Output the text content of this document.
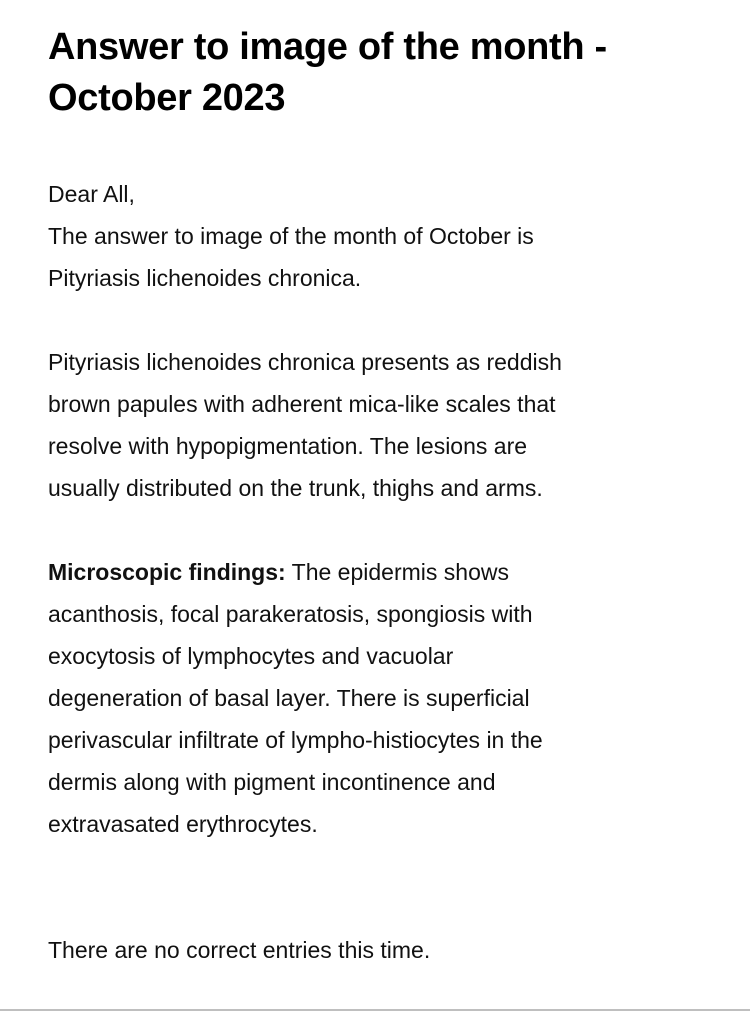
Answer to image of the month -
October 2023

Dear All,
The answer to image of the month of October is
Pityriasis lichenoides chronica.

Pityriasis lichenoides chronica presents as reddish
brown papules with adherent mica-like scales that
resolve with hypopigmentation. The lesions are
usually distributed on the trunk, thighs and arms.

Microscopic findings: The epidermis shows
acanthosis, focal parakeratosis, spongiosis with
exocytosis of lymphocytes and vacuolar
degeneration of basal layer. There is superficial
perivascular infiltrate of lympho-histiocytes in the
dermis along with pigment incontinence and
extravasated erythrocytes.

There are no correct entries this time.
